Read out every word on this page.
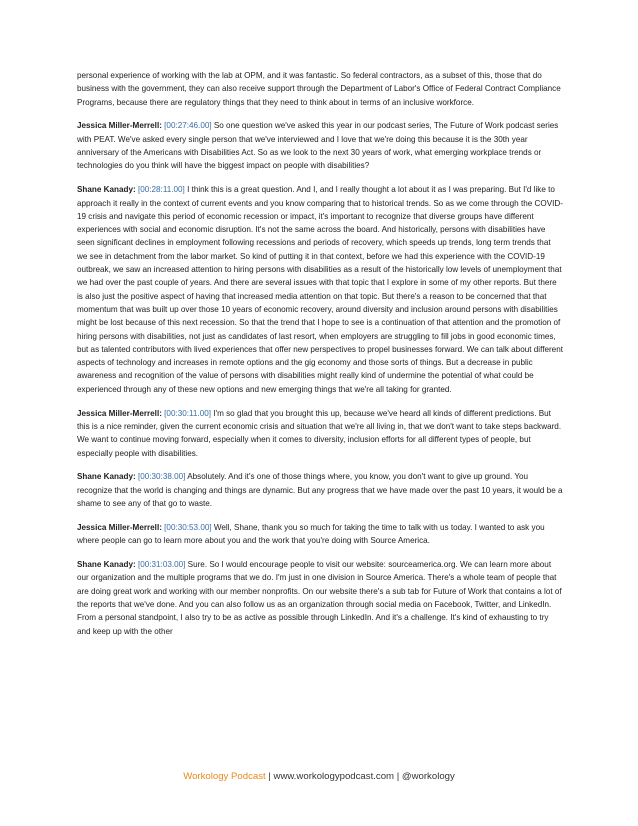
personal experience of working with the lab at OPM, and it was fantastic. So federal contractors, as a subset of this, those that do business with the government, they can also receive support through the Department of Labor's Office of Federal Contract Compliance Programs, because there are regulatory things that they need to think about in terms of an inclusive workforce.

Jessica Miller-Merrell: [00:27:46.00] So one question we've asked this year in our podcast series, The Future of Work podcast series with PEAT. We've asked every single person that we've interviewed and I love that we're doing this because it is the 30th year anniversary of the Americans with Disabilities Act. So as we look to the next 30 years of work, what emerging workplace trends or technologies do you think will have the biggest impact on people with disabilities?

Shane Kanady: [00:28:11.00] I think this is a great question. And I, and I really thought a lot about it as I was preparing. But I'd like to approach it really in the context of current events and you know comparing that to historical trends. So as we come through the COVID-19 crisis and navigate this period of economic recession or impact, it's important to recognize that diverse groups have different experiences with social and economic disruption. It's not the same across the board. And historically, persons with disabilities have seen significant declines in employment following recessions and periods of recovery, which speeds up trends, long term trends that we see in detachment from the labor market. So kind of putting it in that context, before we had this experience with the COVID-19 outbreak, we saw an increased attention to hiring persons with disabilities as a result of the historically low levels of unemployment that we had over the past couple of years. And there are several issues with that topic that I explore in some of my other reports. But there is also just the positive aspect of having that increased media attention on that topic. But there's a reason to be concerned that that momentum that was built up over those 10 years of economic recovery, around diversity and inclusion around persons with disabilities might be lost because of this next recession. So that the trend that I hope to see is a continuation of that attention and the promotion of hiring persons with disabilities, not just as candidates of last resort, when employers are struggling to fill jobs in good economic times, but as talented contributors with lived experiences that offer new perspectives to propel businesses forward. We can talk about different aspects of technology and increases in remote options and the gig economy and those sorts of things. But a decrease in public awareness and recognition of the value of persons with disabilities might really kind of undermine the potential of what could be experienced through any of these new options and new emerging things that we're all taking for granted.

Jessica Miller-Merrell: [00:30:11.00] I'm so glad that you brought this up, because we've heard all kinds of different predictions. But this is a nice reminder, given the current economic crisis and situation that we're all living in, that we don't want to take steps backward. We want to continue moving forward, especially when it comes to diversity, inclusion efforts for all different types of people, but especially people with disabilities.

Shane Kanady: [00:30:38.00] Absolutely. And it's one of those things where, you know, you don't want to give up ground. You recognize that the world is changing and things are dynamic. But any progress that we have made over the past 10 years, it would be a shame to see any of that go to waste.

Jessica Miller-Merrell: [00:30:53.00] Well, Shane, thank you so much for taking the time to talk with us today. I wanted to ask you where people can go to learn more about you and the work that you're doing with Source America.

Shane Kanady: [00:31:03.00] Sure. So I would encourage people to visit our website: sourceamerica.org. We can learn more about our organization and the multiple programs that we do. I'm just in one division in Source America. There's a whole team of people that are doing great work and working with our member nonprofits. On our website there's a sub tab for Future of Work that contains a lot of the reports that we've done. And you can also follow us as an organization through social media on Facebook, Twitter, and LinkedIn. From a personal standpoint, I also try to be as active as possible through LinkedIn. And it's a challenge. It's kind of exhausting to try and keep up with the other

Workology Podcast | www.workologypodcast.com | @workology
